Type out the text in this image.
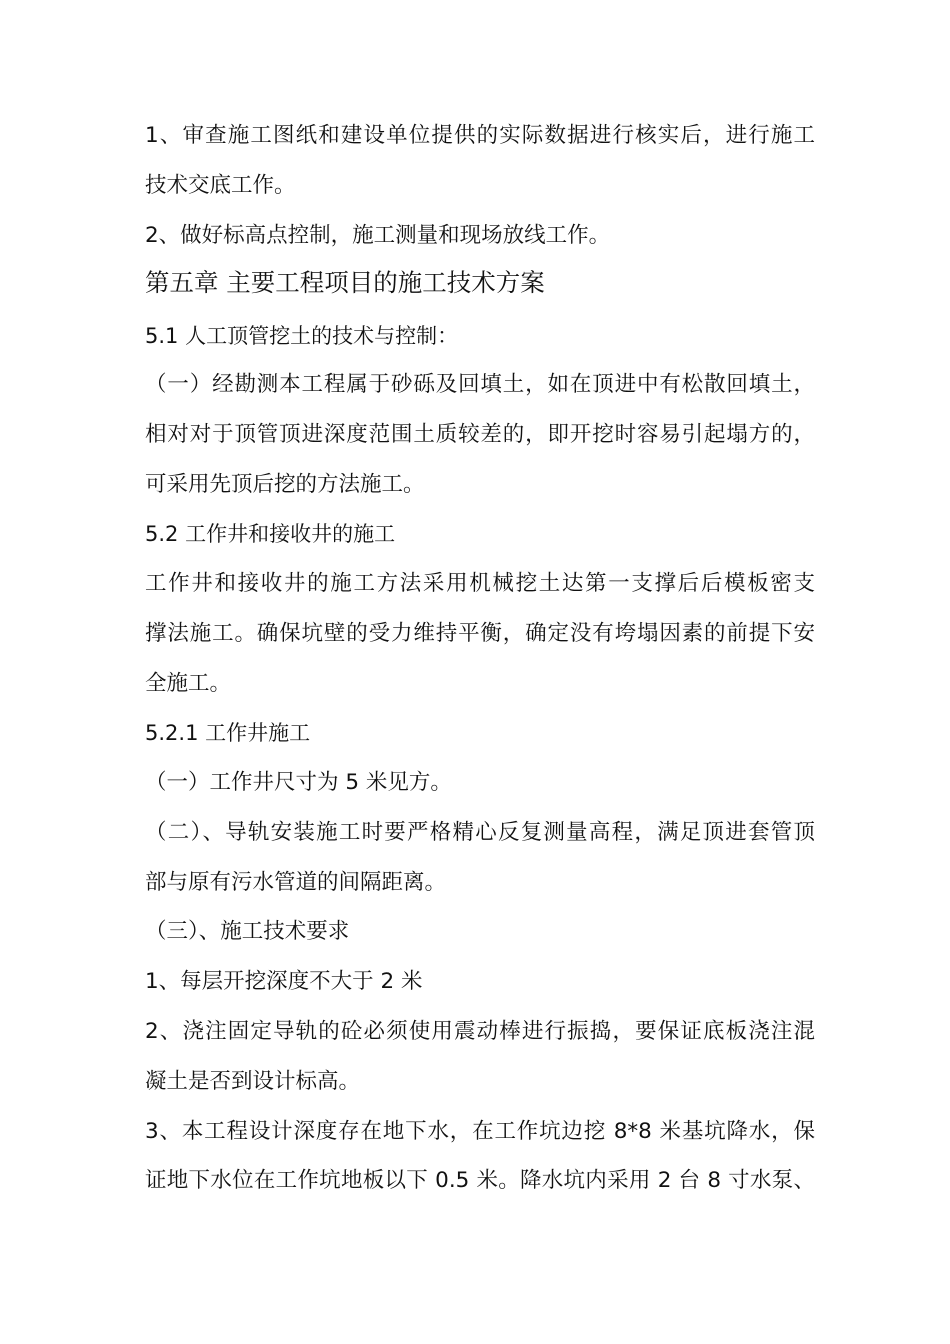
1、审查施工图纸和建设单位提供的实际数据进行核实后，进行施工
技术交底工作。
2、做好标高点控制，施工测量和现场放线工作。
第五章 主要工程项目的施工技术方案
5.1 人工顶管挖土的技术与控制：
（一）经勘测本工程属于砂砾及回填土，如在顶进中有松散回填土，
相对对于顶管顶进深度范围土质较差的，即开挖时容易引起塌方的，
可采用先顶后挖的方法施工。
5.2 工作井和接收井的施工
工作井和接收井的施工方法采用机械挖土达第一支撑后后模板密支
撑法施工。确保坑壁的受力维持平衡，确定没有垮塌因素的前提下安
全施工。
5.2.1 工作井施工
（一）工作井尺寸为 5 米见方。
（二）、导轨安装施工时要严格精心反复测量高程，满足顶进套管顶
部与原有污水管道的间隔距离。
（三）、施工技术要求
1、每层开挖深度不大于 2 米
2、浇注固定导轨的砼必须使用震动棒进行振捣，要保证底板浇注混
凝土是否到设计标高。
3、本工程设计深度存在地下水，在工作坑边挖 8*8 米基坑降水，保
证地下水位在工作坑地板以下 0.5 米。降水坑内采用 2 台 8 寸水泵、
